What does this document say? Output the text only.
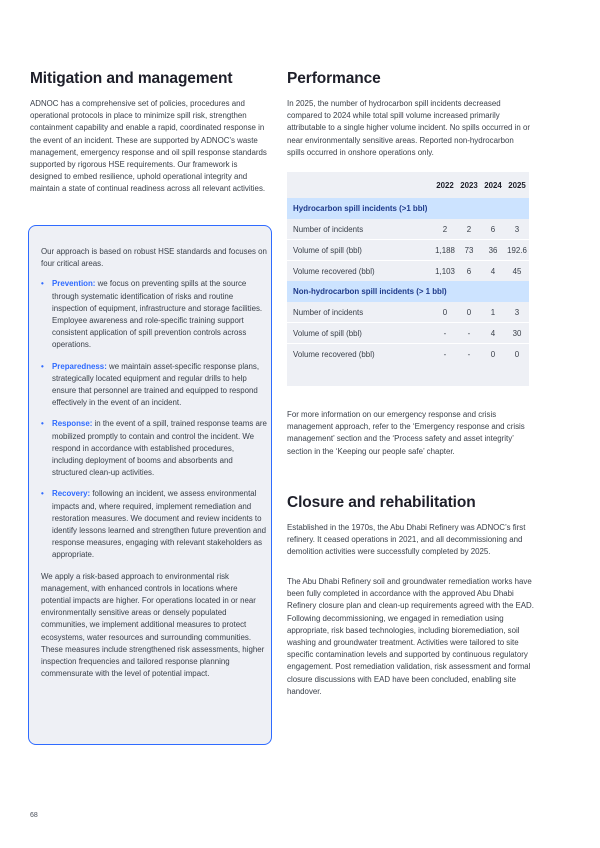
Mitigation and management

ADNOC has a comprehensive set of policies, procedures and operational protocols in place to minimize spill risk, strengthen containment capability and enable a rapid, coordinated response in the event of an incident. These are supported by ADNOC’s waste management, emergency response and oil spill response standards supported by rigorous HSE requirements. Our framework is designed to embed resilience, uphold operational integrity and maintain a state of continual readiness across all relevant activities.

Our approach is based on robust HSE standards and focuses on four critical areas.

• Prevention: we focus on preventing spills at the source through systematic identification of risks and routine inspection of equipment, infrastructure and storage facilities. Employee awareness and role-specific training support consistent application of spill prevention controls across operations.
• Preparedness: we maintain asset-specific response plans, strategically located equipment and regular drills to help ensure that personnel are trained and equipped to respond effectively in the event of an incident.
• Response: in the event of a spill, trained response teams are mobilized promptly to contain and control the incident. We respond in accordance with established procedures, including deployment of booms and absorbents and structured clean-up activities.
• Recovery: following an incident, we assess environmental impacts and, where required, implement remediation and restoration measures. We document and review incidents to identify lessons learned and strengthen future prevention and response measures, engaging with relevant stakeholders as appropriate.

We apply a risk-based approach to environmental risk management, with enhanced controls in locations where potential impacts are higher. For operations located in or near environmentally sensitive areas or densely populated communities, we implement additional measures to protect ecosystems, water resources and surrounding communities. These measures include strengthened risk assessments, higher inspection frequencies and tailored response planning commensurate with the level of potential impact.

Performance

In 2025, the number of hydrocarbon spill incidents decreased compared to 2024 while total spill volume increased primarily attributable to a single higher volume incident. No spills occurred in or near environmentally sensitive areas. Reported non-hydrocarbon spills occurred in onshore operations only.

	2022	2023	2024	2025
Hydrocarbon spill incidents (>1 bbl)				
Number of incidents	2	2	6	3
Volume of spill (bbl)	1,188	73	36	192.6
Volume recovered (bbl)	1,103	6	4	45
Non-hydrocarbon spill incidents (> 1 bbl)				
Number of incidents	0	0	1	3
Volume of spill (bbl)	-	-	4	30
Volume recovered (bbl)	-	-	0	0

For more information on our emergency response and crisis management approach, refer to the ‘Emergency response and crisis management’ section and the ‘Process safety and asset integrity’ section in the ‘Keeping our people safe’ chapter.

Closure and rehabilitation

Established in the 1970s, the Abu Dhabi Refinery was ADNOC’s first refinery. It ceased operations in 2021, and all decommissioning and demolition activities were successfully completed by 2025.

The Abu Dhabi Refinery soil and groundwater remediation works have been fully completed in accordance with the approved Abu Dhabi Refinery closure plan and clean-up requirements agreed with the EAD. Following decommissioning, we engaged in remediation using appropriate, risk based technologies, including bioremediation, soil washing and groundwater treatment. Activities were tailored to site specific contamination levels and supported by continuous regulatory engagement. Post remediation validation, risk assessment and formal closure discussions with EAD have been concluded, enabling site handover.

68
